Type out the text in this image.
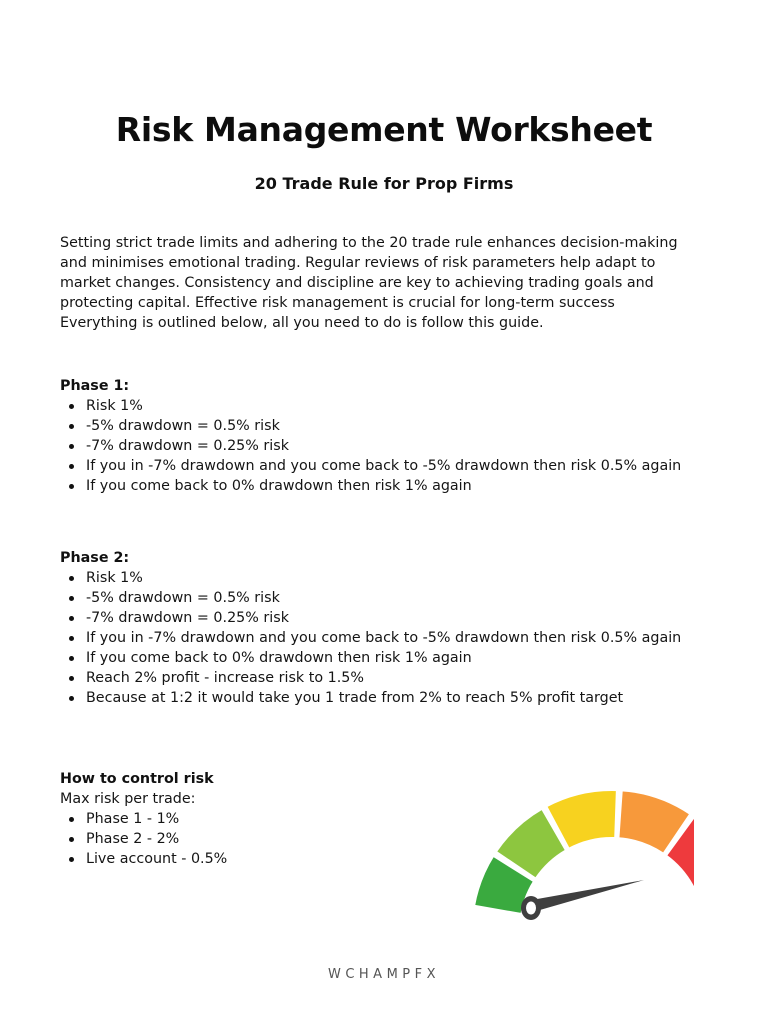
Risk Management Worksheet
20 Trade Rule for Prop Firms

Setting strict trade limits and adhering to the 20 trade rule enhances decision-making

and minimises emotional trading. Regular reviews of risk parameters help adapt to

market changes. Consistency and discipline are key to achieving trading goals and

protecting capital. Effective risk management is crucial for long-term success

Everything is outlined below, all you need to do is follow this guide.

Phase 1:

Risk 1%
-5% drawdown = 0.5% risk
-7% drawdown = 0.25% risk
If you in -7% drawdown and you come back to -5% drawdown then risk 0.5% again
If you come back to 0% drawdown then risk 1% again

Phase 2:

Risk 1%
-5% drawdown = 0.5% risk
-7% drawdown = 0.25% risk
If you in -7% drawdown and you come back to -5% drawdown then risk 0.5% again
If you come back to 0% drawdown then risk 1% again
Reach 2% profit - increase risk to 1.5%
Because at 1:2 it would take you 1 trade from 2% to reach 5% profit target

How to control risk

Max risk per trade:

Phase 1 - 1%
Phase 2 - 2%
Live account - 0.5%
WCHAMPFX
